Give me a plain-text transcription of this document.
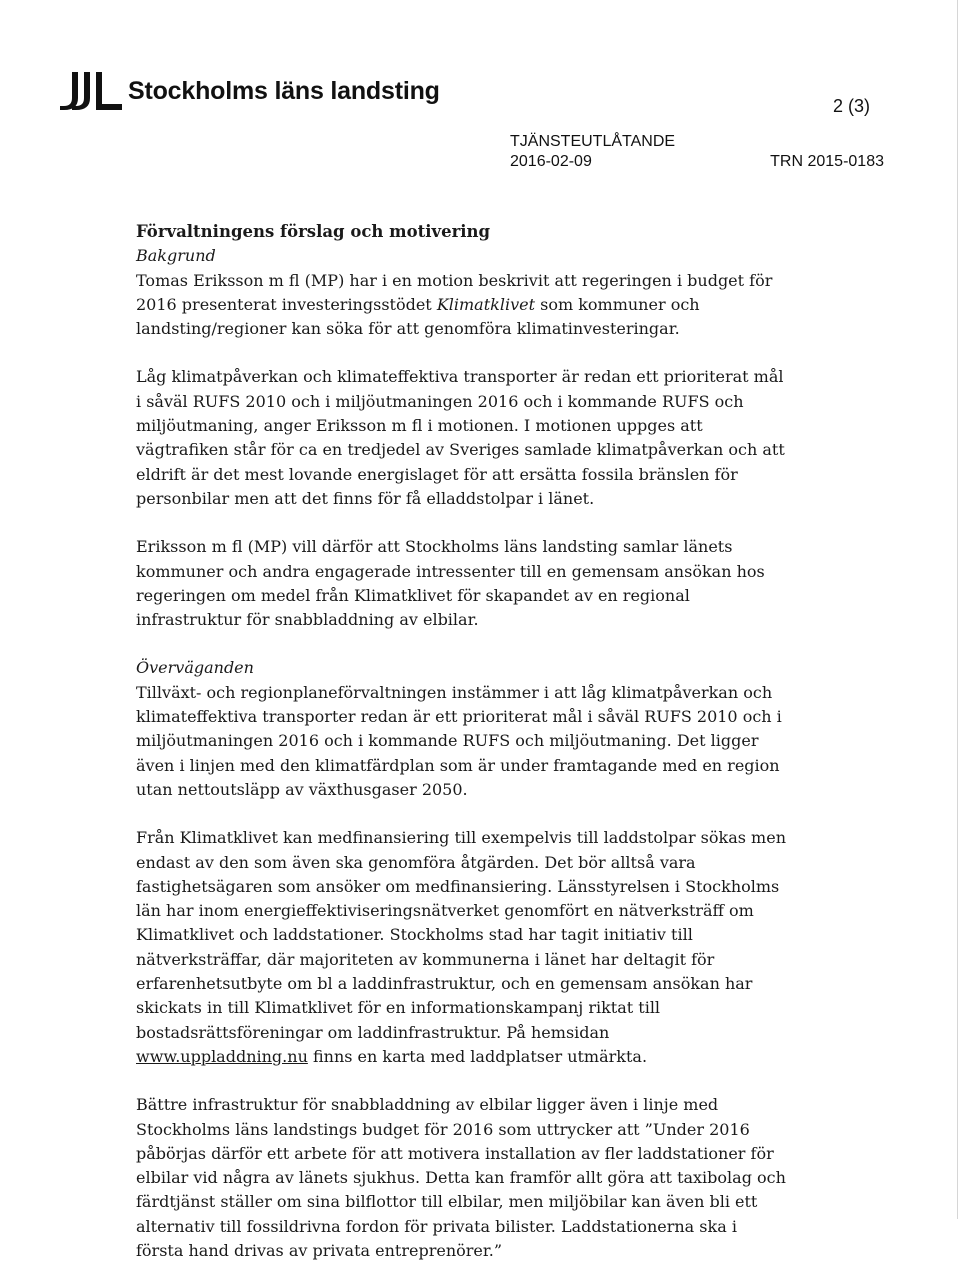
Stockholms läns landsting
2 (3)
TJÄNSTEUTLÅTANDE
2016-02-09	TRN 2015-0183
Förvaltningens förslag och motivering

Bakgrund
Tomas Eriksson m fl (MP) har i en motion beskrivit att regeringen i budget för 2016 presenterat investeringsstödet Klimatklivet som kommuner och landsting/regioner kan söka för att genomföra klimatinvesteringar.

Låg klimatpåverkan och klimateffektiva transporter är redan ett prioriterat mål i såväl RUFS 2010 och i miljöutmaningen 2016 och i kommande RUFS och miljöutmaning, anger Eriksson m fl i motionen. I motionen uppges att vägtrafiken står för ca en tredjedel av Sveriges samlade klimatpåverkan och att eldrift är det mest lovande energislaget för att ersätta fossila bränslen för personbilar men att det finns för få elladdstolpar i länet.

Eriksson m fl (MP) vill därför att Stockholms läns landsting samlar länets kommuner och andra engagerade intressenter till en gemensam ansökan hos regeringen om medel från Klimatklivet för skapandet av en regional infrastruktur för snabbladdning av elbilar.

Överväganden
Tillväxt- och regionplaneförvaltningen instämmer i att låg klimatpåverkan och klimateffektiva transporter redan är ett prioriterat mål i såväl RUFS 2010 och i miljöutmaningen 2016 och i kommande RUFS och miljöutmaning. Det ligger även i linjen med den klimatfärdplan som är under framtagande med en region utan nettoutsläpp av växthusgaser 2050.

Från Klimatklivet kan medfinansiering till exempelvis till laddstolpar sökas men endast av den som även ska genomföra åtgärden. Det bör alltså vara fastighetsägaren som ansöker om medfinansiering. Länsstyrelsen i Stockholms län har inom energieffektiviseringsnätverket genomfört en nätverksträff om Klimatklivet och laddstationer. Stockholms stad har tagit initiativ till nätverksträffar, där majoriteten av kommunerna i länet har deltagit för erfarenhetsutbyte om bl a laddinfrastruktur, och en gemensam ansökan har skickats in till Klimatklivet för en informationskampanj riktat till bostadsrättsföreningar om laddinfrastruktur. På hemsidan www.uppladdning.nu finns en karta med laddplatser utmärkta.

Bättre infrastruktur för snabbladdning av elbilar ligger även i linje med Stockholms läns landstings budget för 2016 som uttrycker att ”Under 2016 påbörjas därför ett arbete för att motivera installation av fler laddstationer för elbilar vid några av länets sjukhus. Detta kan framför allt göra att taxibolag och färdtjänst ställer om sina bilflottor till elbilar, men miljöbilar kan även bli ett alternativ till fossildrivna fordon för privata bilister. Laddstationerna ska i första hand drivas av privata entreprenörer.”
